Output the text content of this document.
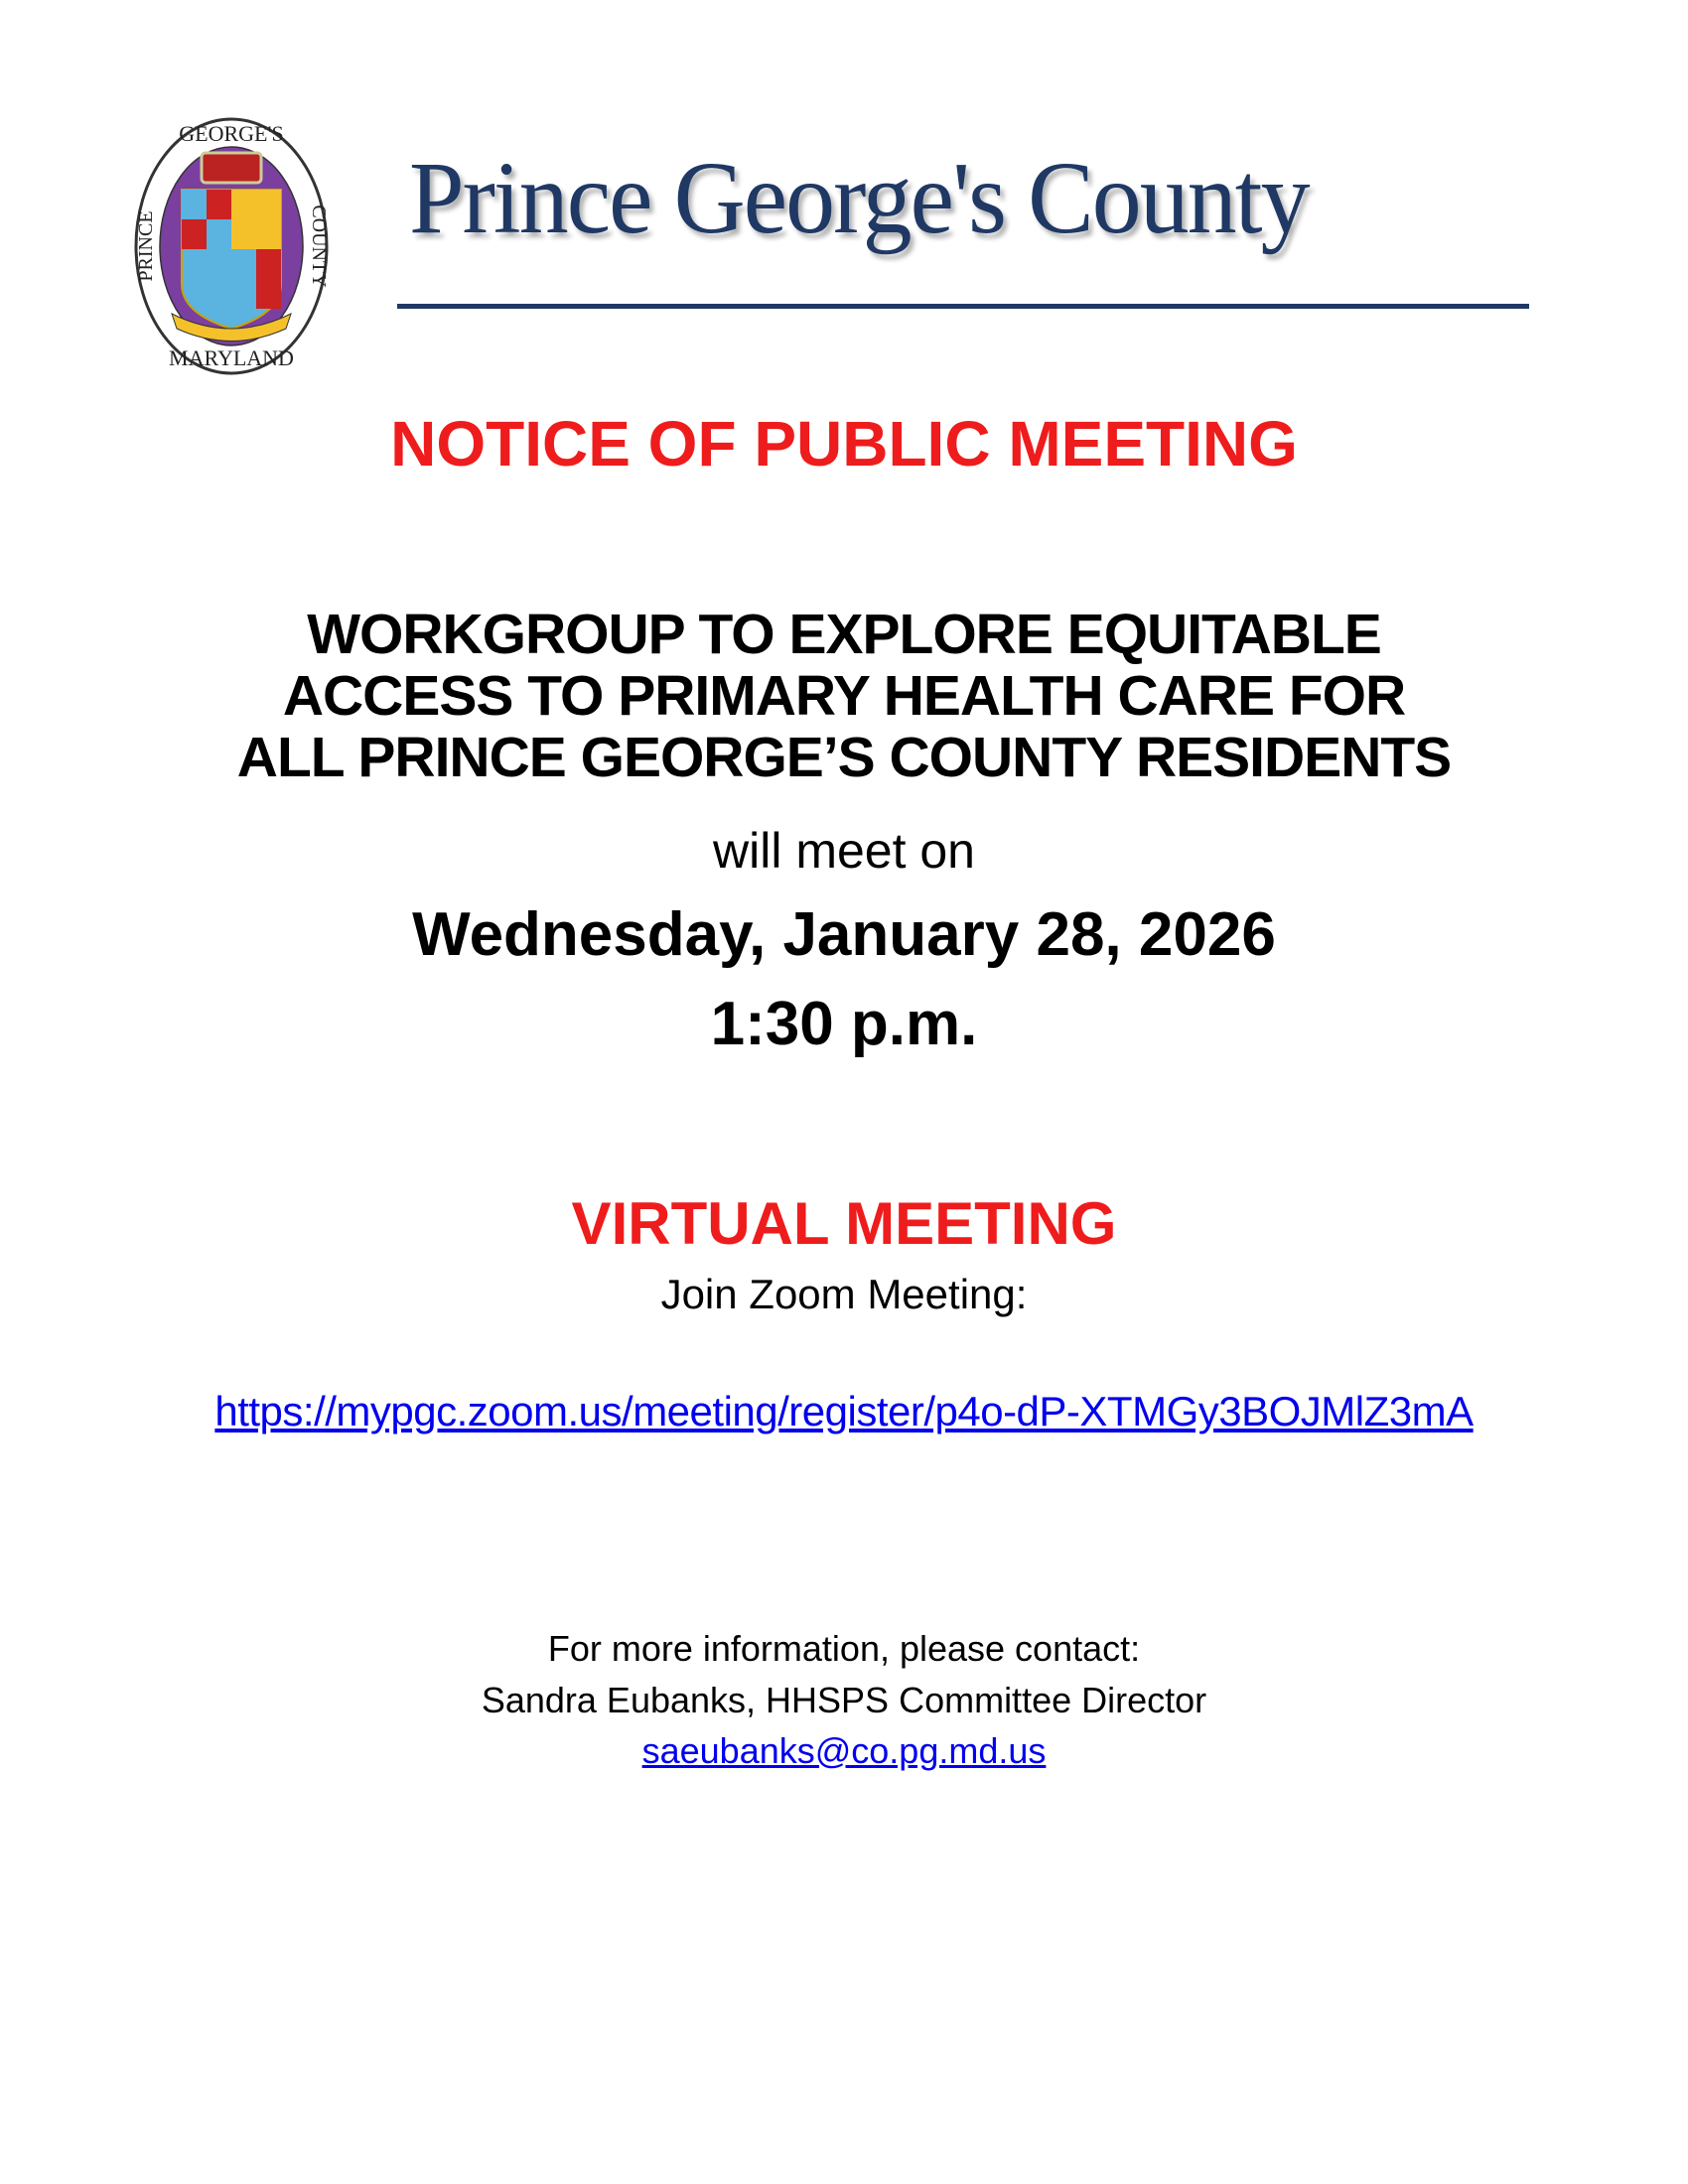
GEORGE'S
MARYLAND
PRINCE	COUNTY Prince George's County
NOTICE OF PUBLIC MEETING
WORKGROUP TO EXPLORE EQUITABLE
ACCESS TO PRIMARY HEALTH CARE FOR
ALL PRINCE GEORGE’S COUNTY RESIDENTS
will meet on
Wednesday, January 28, 2026
1:30 p.m.
VIRTUAL MEETING
Join Zoom Meeting:
https://mypgc.zoom.us/meeting/register/p4o-dP-XTMGy3BOJMlZ3mA
For more information, please contact:
Sandra Eubanks, HHSPS Committee Director
saeubanks@co.pg.md.us
